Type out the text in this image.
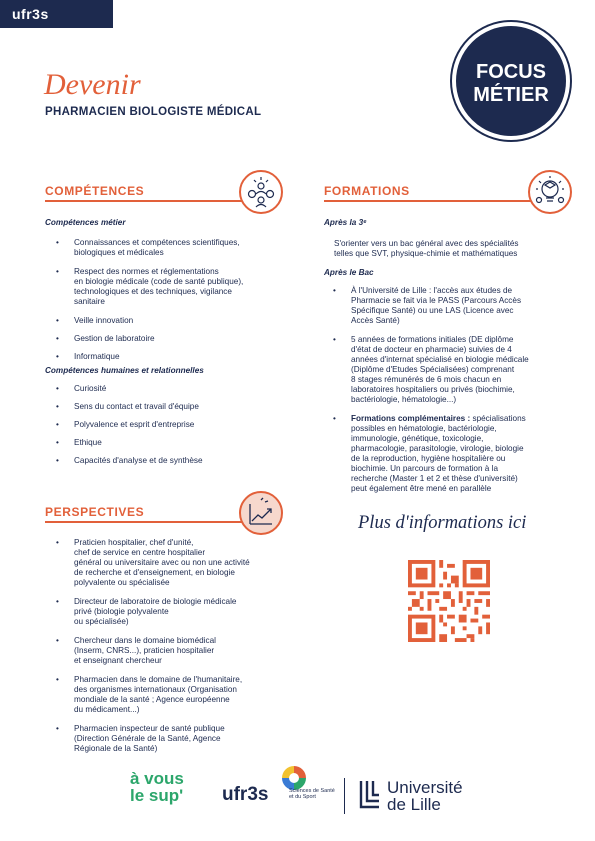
ufr3s
FOCUS
MÉTIER
Devenir
PHARMACIEN BIOLOGISTE MÉDICAL
COMPÉTENCES
Compétences métier
• Connaissances et compétences scientifiques,
biologiques et médicales
• Respect des normes et réglementations
en biologie médicale (code de santé publique),
technologiques et des techniques, vigilance
sanitaire
• Veille innovation
• Gestion de laboratoire
• Informatique
Compétences humaines et relationnelles
• Curiosité
• Sens du contact et travail d'équipe
• Polyvalence et esprit d'entreprise
• Ethique
• Capacités d'analyse et de synthèse
FORMATIONS
Après la 3ᵉ
S'orienter vers un bac général avec des spécialités
telles que SVT, physique-chimie et mathématiques
Après le Bac
• À l'Université de Lille : l'accès aux études de
Pharmacie se fait via le PASS (Parcours Accès
Spécifique Santé) ou une LAS (Licence avec
Accès Santé)
• 5 années de formations initiales (DE diplôme
d'état de docteur en pharmacie) suivies de 4
années d'internat spécialisé en biologie médicale
(Diplôme d'Etudes Spécialisées) comprenant
8 stages rémunérés de 6 mois chacun en
laboratoires hospitaliers ou privés (biochimie,
bactériologie, hématologie...)
• Formations complémentaires : spécialisations
possibles en hématologie, bactériologie,
immunologie, génétique, toxicologie,
pharmacologie, parasitologie, virologie, biologie
de la reproduction, hygiène hospitalière ou
biochimie. Un parcours de formation à la
recherche (Master 1 et 2 et thèse d'université)
peut également être mené en parallèle
PERSPECTIVES
• Praticien hospitalier, chef d'unité,
chef de service en centre hospitalier
général ou universitaire avec ou non une activité
de recherche et d'enseignement, en biologie
polyvalente ou spécialisée
• Directeur de laboratoire de biologie médicale
privé (biologie polyvalente
ou spécialisée)
• Chercheur dans le domaine biomédical
(Inserm, CNRS...), praticien hospitalier
et enseignant chercheur
• Pharmacien dans le domaine de l'humanitaire,
des organismes internationaux (Organisation
mondiale de la santé ; Agence européenne
du médicament...)
• Pharmacien inspecteur de santé publique
(Direction Générale de la Santé, Agence
Régionale de la Santé)
Plus d'informations ici
à vous
le sup' ufr3s	Sciences de Santé
et du Sport	Université
de Lille
